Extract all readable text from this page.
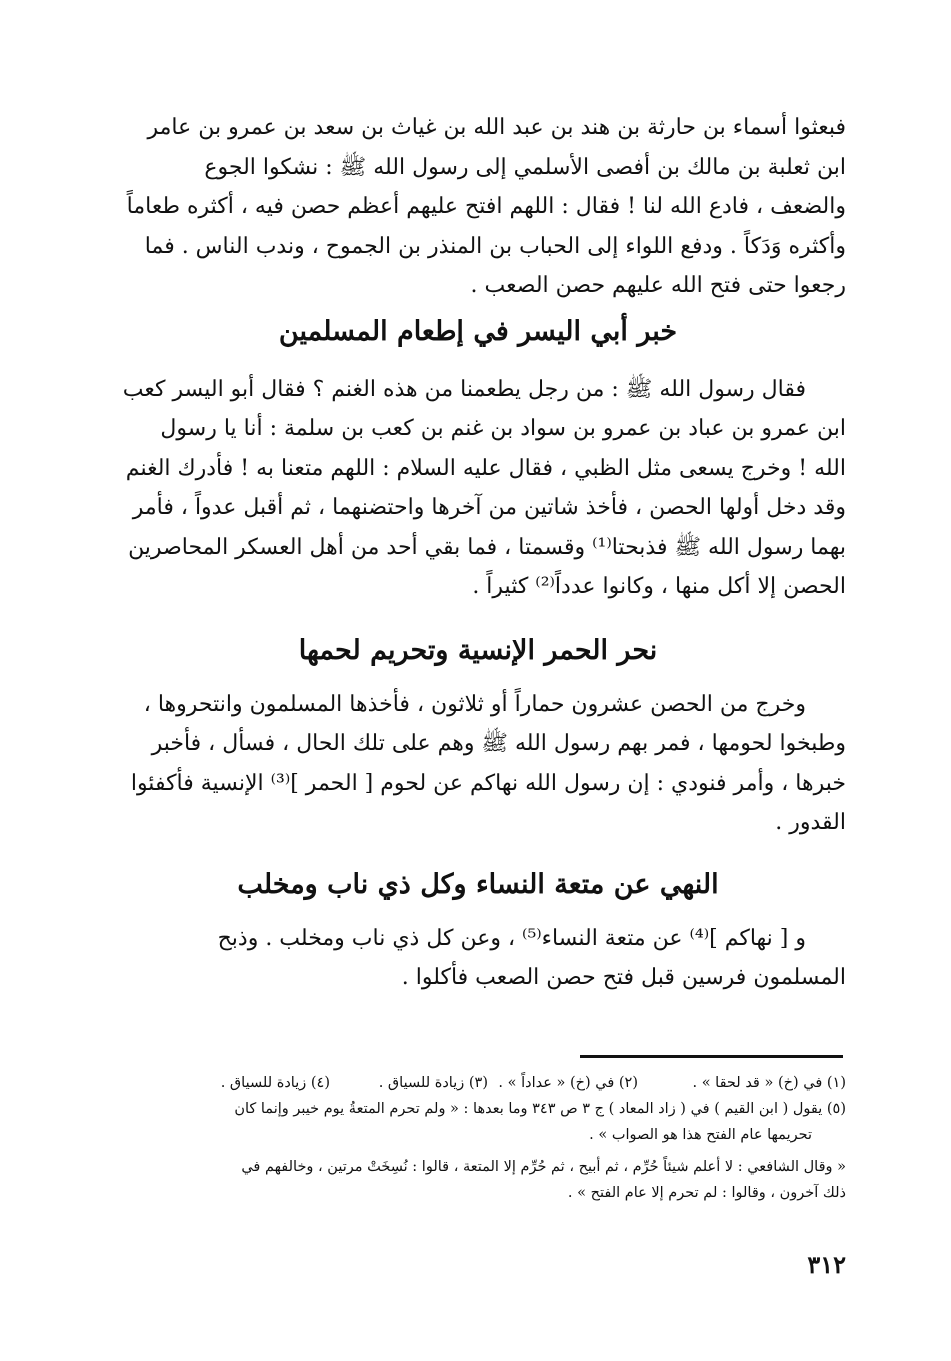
فبعثوا أسماء بن حارثة بن هند بن عبد الله بن غياث بن سعد بن عمرو بن عامر

ابن ثعلبة بن مالك بن أفصى الأسلمي إلى رسول الله ﷺ : نشكوا الجوع

والضعف ، فادع الله لنا ! فقال : اللهم افتح عليهم أعظم حصن فيه ، أكثره طعاماً

وأكثره وَدَكاً . ودفع اللواء إلى الحباب بن المنذر بن الجموح ، وندب الناس . فما

رجعوا حتى فتح الله عليهم حصن الصعب .

خبر أبي اليسر في إطعام المسلمين

فقال رسول الله ﷺ : من رجل يطعمنا من هذه الغنم ؟ فقال أبو اليسر كعب

ابن عمرو بن عباد بن عمرو بن سواد بن غنم بن كعب بن سلمة : أنا يا رسول

الله ! وخرج يسعى مثل الظبي ، فقال عليه السلام : اللهم متعنا به ! فأدرك الغنم

وقد دخل أولها الحصن ، فأخذ شاتين من آخرها واحتضنهما ، ثم أقبل عدواً ، فأمر

بهما رسول الله ﷺ فذبحتا⁽¹⁾ وقسمتا ، فما بقي أحد من أهل العسكر المحاصرين

الحصن إلا أكل منها ، وكانوا عدداً⁽²⁾ كثيراً .

نحر الحمر الإنسية وتحريم لحمها

وخرج من الحصن عشرون حماراً أو ثلاثون ، فأخذها المسلمون وانتحروها ،

وطبخوا لحومها ، فمر بهم رسول الله ﷺ وهم على تلك الحال ، فسأل ، فأخبر

خبرها ، وأمر فنودي : إن رسول الله نهاكم عن لحوم [ الحمر ]⁽³⁾ الإنسية فأكفئوا

القدور .

النهي عن متعة النساء وكل ذي ناب ومخلب

و [ نهاكم ]⁽⁴⁾ عن متعة النساء⁽⁵⁾ ، وعن كل ذي ناب ومخلب . وذبح

المسلمون فرسين قبل فتح حصن الصعب فأكلوا .

(١) في (خ) « قد لحقا » .
(٢) في (خ) « عداداً » .
(٣) زيادة للسياق .
(٤) زيادة للسياق .

(٥) يقول ( ابن القيم ) في ( زاد المعاد ) ج ٣ ص ٣٤٣ وما بعدها : « ولم تحرم المتعةُ يوم خيبر وإنما كان

تحريمها عام الفتح هذا هو الصواب » .

« وقال الشافعي : لا أعلم شيئاً حُرِّم ، ثم أبيح ، ثم حُرِّم إلا المتعة ، قالوا : نُسِخَتْ مرتين ، وخالفهم في

ذلك آخرون ، وقالوا : لم تحرم إلا عام الفتح » .

٣١٢
